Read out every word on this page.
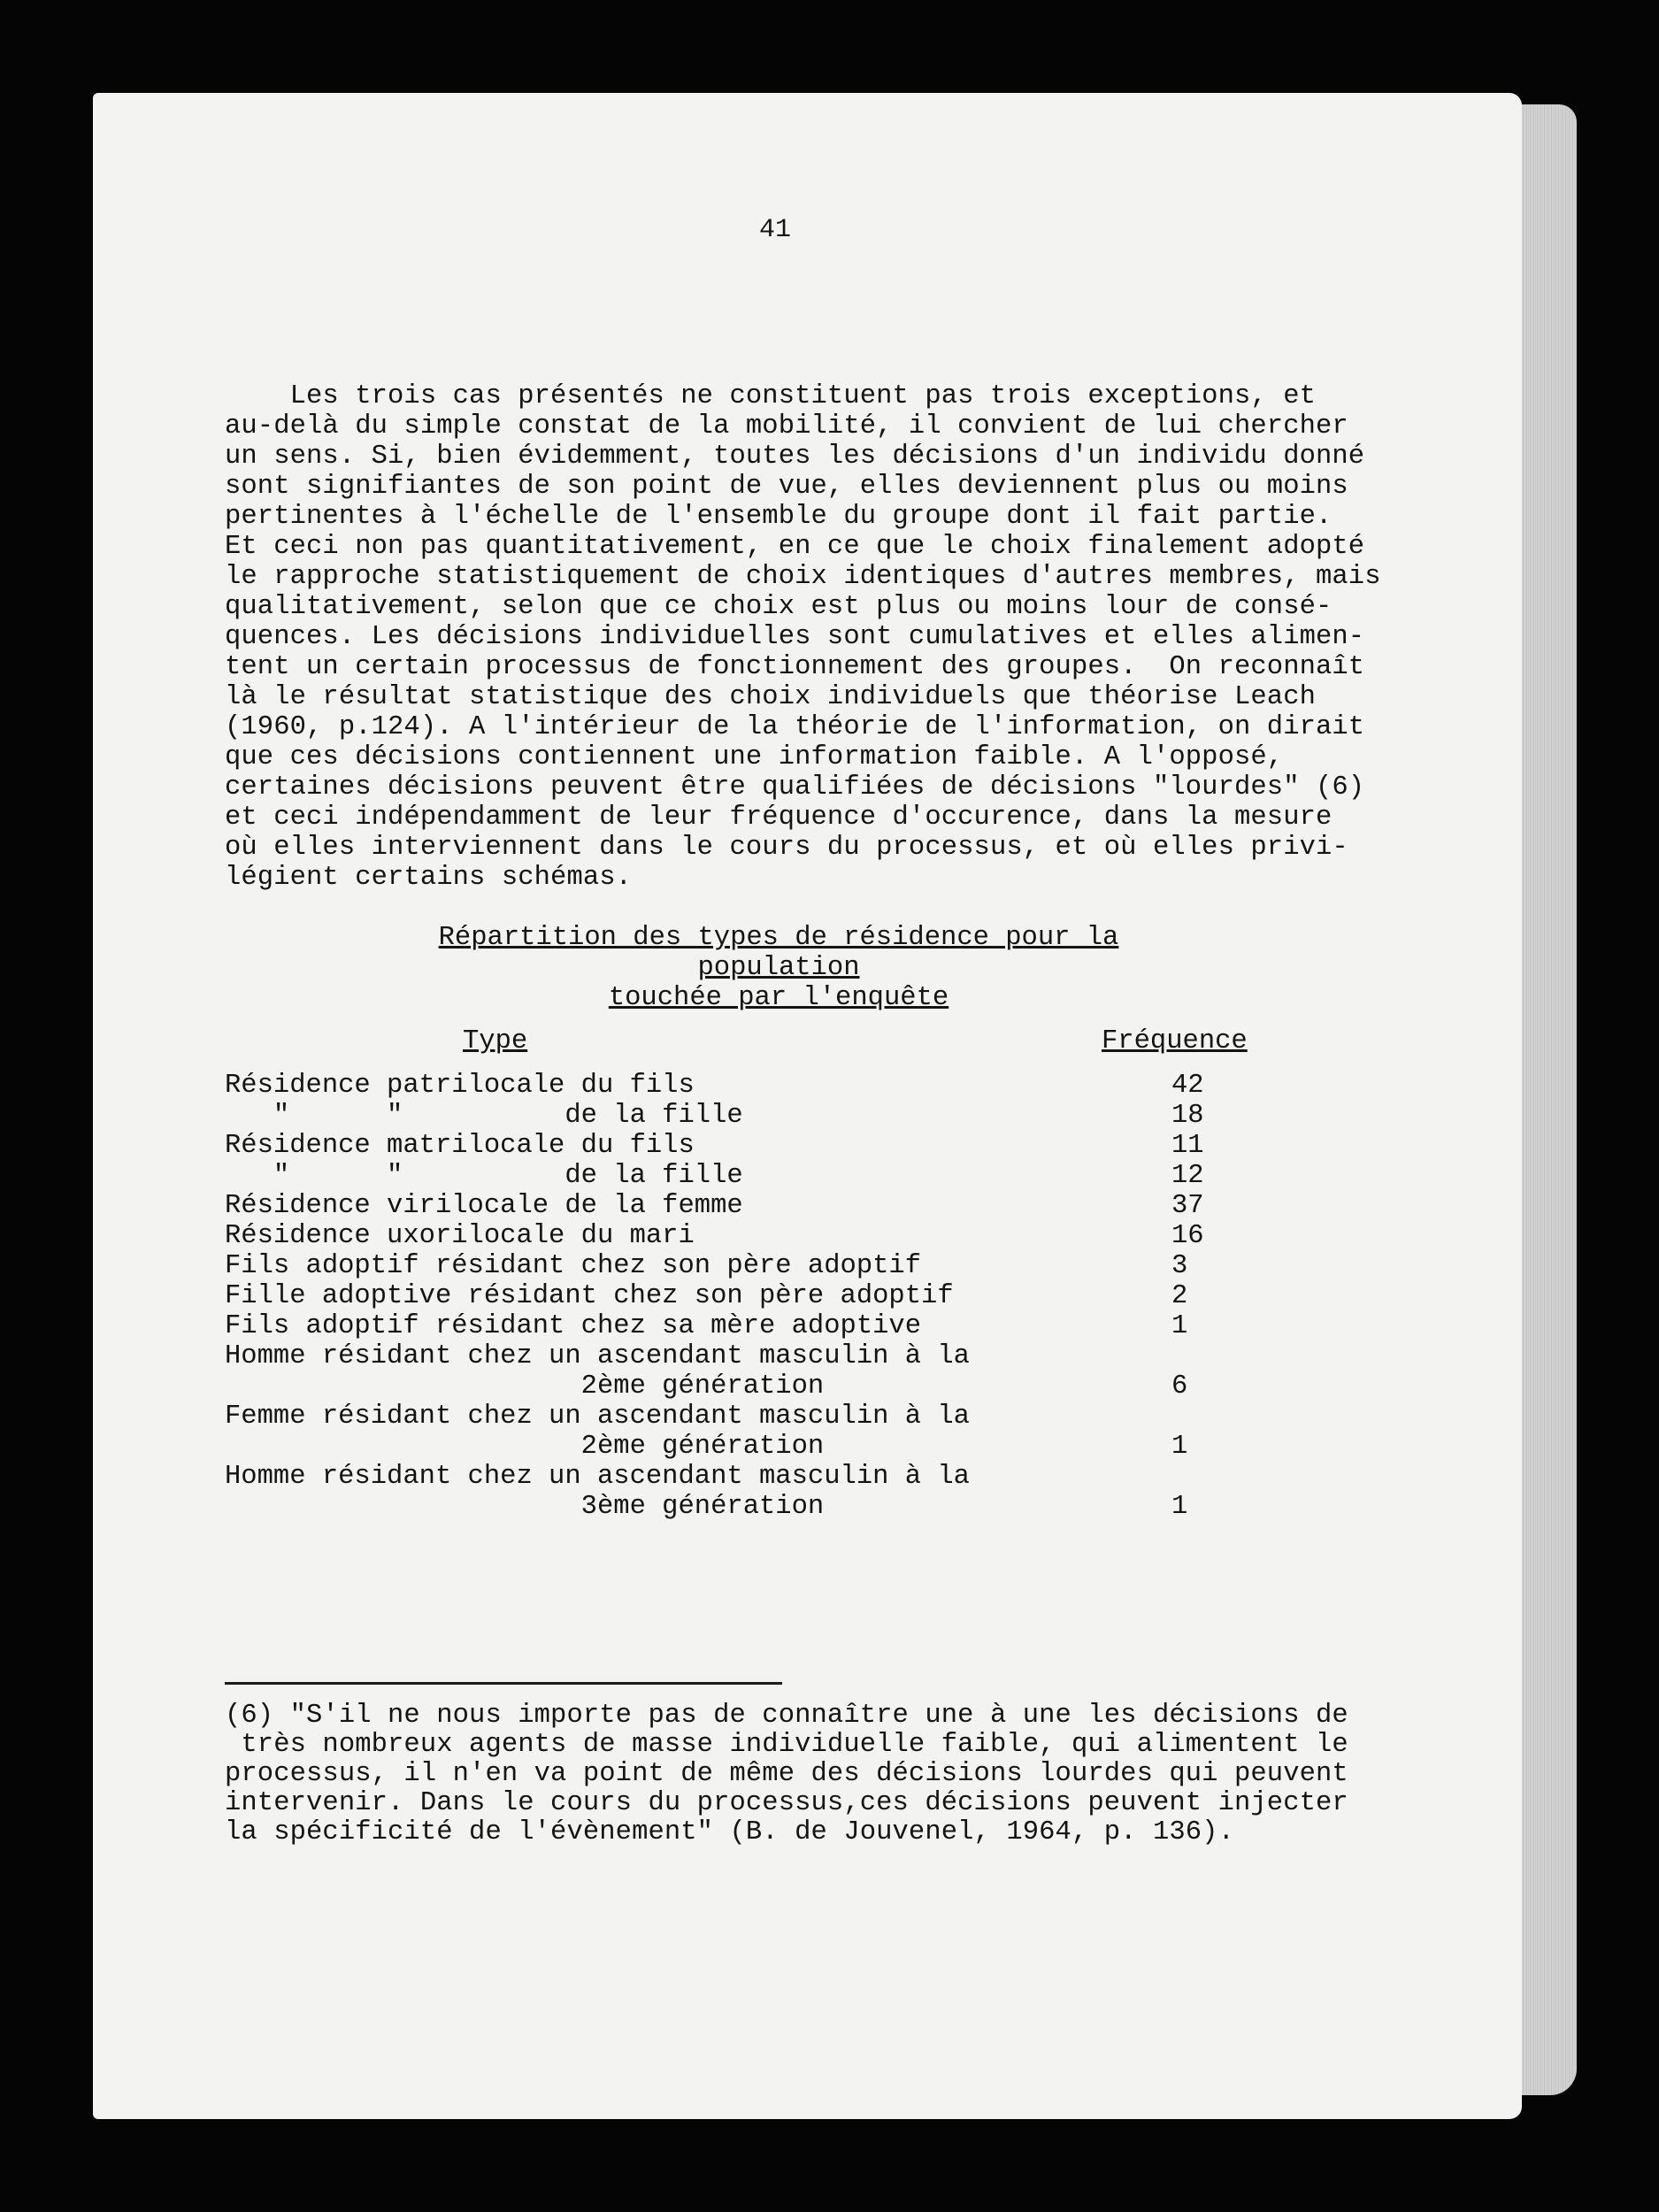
41

Les trois cas présentés ne constituent pas trois exceptions, et
au-delà du simple constat de la mobilité, il convient de lui chercher
un sens. Si, bien évidemment, toutes les décisions d'un individu donné
sont signifiantes de son point de vue, elles deviennent plus ou moins
pertinentes à l'échelle de l'ensemble du groupe dont il fait partie.
Et ceci non pas quantitativement, en ce que le choix finalement adopté
le rapproche statistiquement de choix identiques d'autres membres, mais
qualitativement, selon que ce choix est plus ou moins lour de consé-
quences. Les décisions individuelles sont cumulatives et elles alimen-
tent un certain processus de fonctionnement des groupes.  On reconnaît
là le résultat statistique des choix individuels que théorise Leach
(1960, p.124). A l'intérieur de la théorie de l'information, on dirait
que ces décisions contiennent une information faible. A l'opposé,
certaines décisions peuvent être qualifiées de décisions "lourdes" (6)
et ceci indépendamment de leur fréquence d'occurence, dans la mesure
où elles interviennent dans le cours du processus, et où elles privi-
légient certains schémas.
Répartition des types de résidence pour la population
touchée par l'enquête

Type	Fréquence

Résidence patrilocale du fils	42
"      "          de la fille	18
Résidence matrilocale du fils	11
"      "          de la fille	12
Résidence virilocale de la femme	37
Résidence uxorilocale du mari	16
Fils adoptif résidant chez son père adoptif	3
Fille adoptive résidant chez son père adoptif	2
Fils adoptif résidant chez sa mère adoptive	1
Homme résidant chez un ascendant masculin à la
2ème génération	6
Femme résidant chez un ascendant masculin à la
2ème génération	1
Homme résidant chez un ascendant masculin à la
3ème génération	1
(6) "S'il ne nous importe pas de connaître une à une les décisions de
très nombreux agents de masse individuelle faible, qui alimentent le
processus, il n'en va point de même des décisions lourdes qui peuvent
intervenir. Dans le cours du processus,ces décisions peuvent injecter
la spécificité de l'évènement" (B. de Jouvenel, 1964, p. 136).
